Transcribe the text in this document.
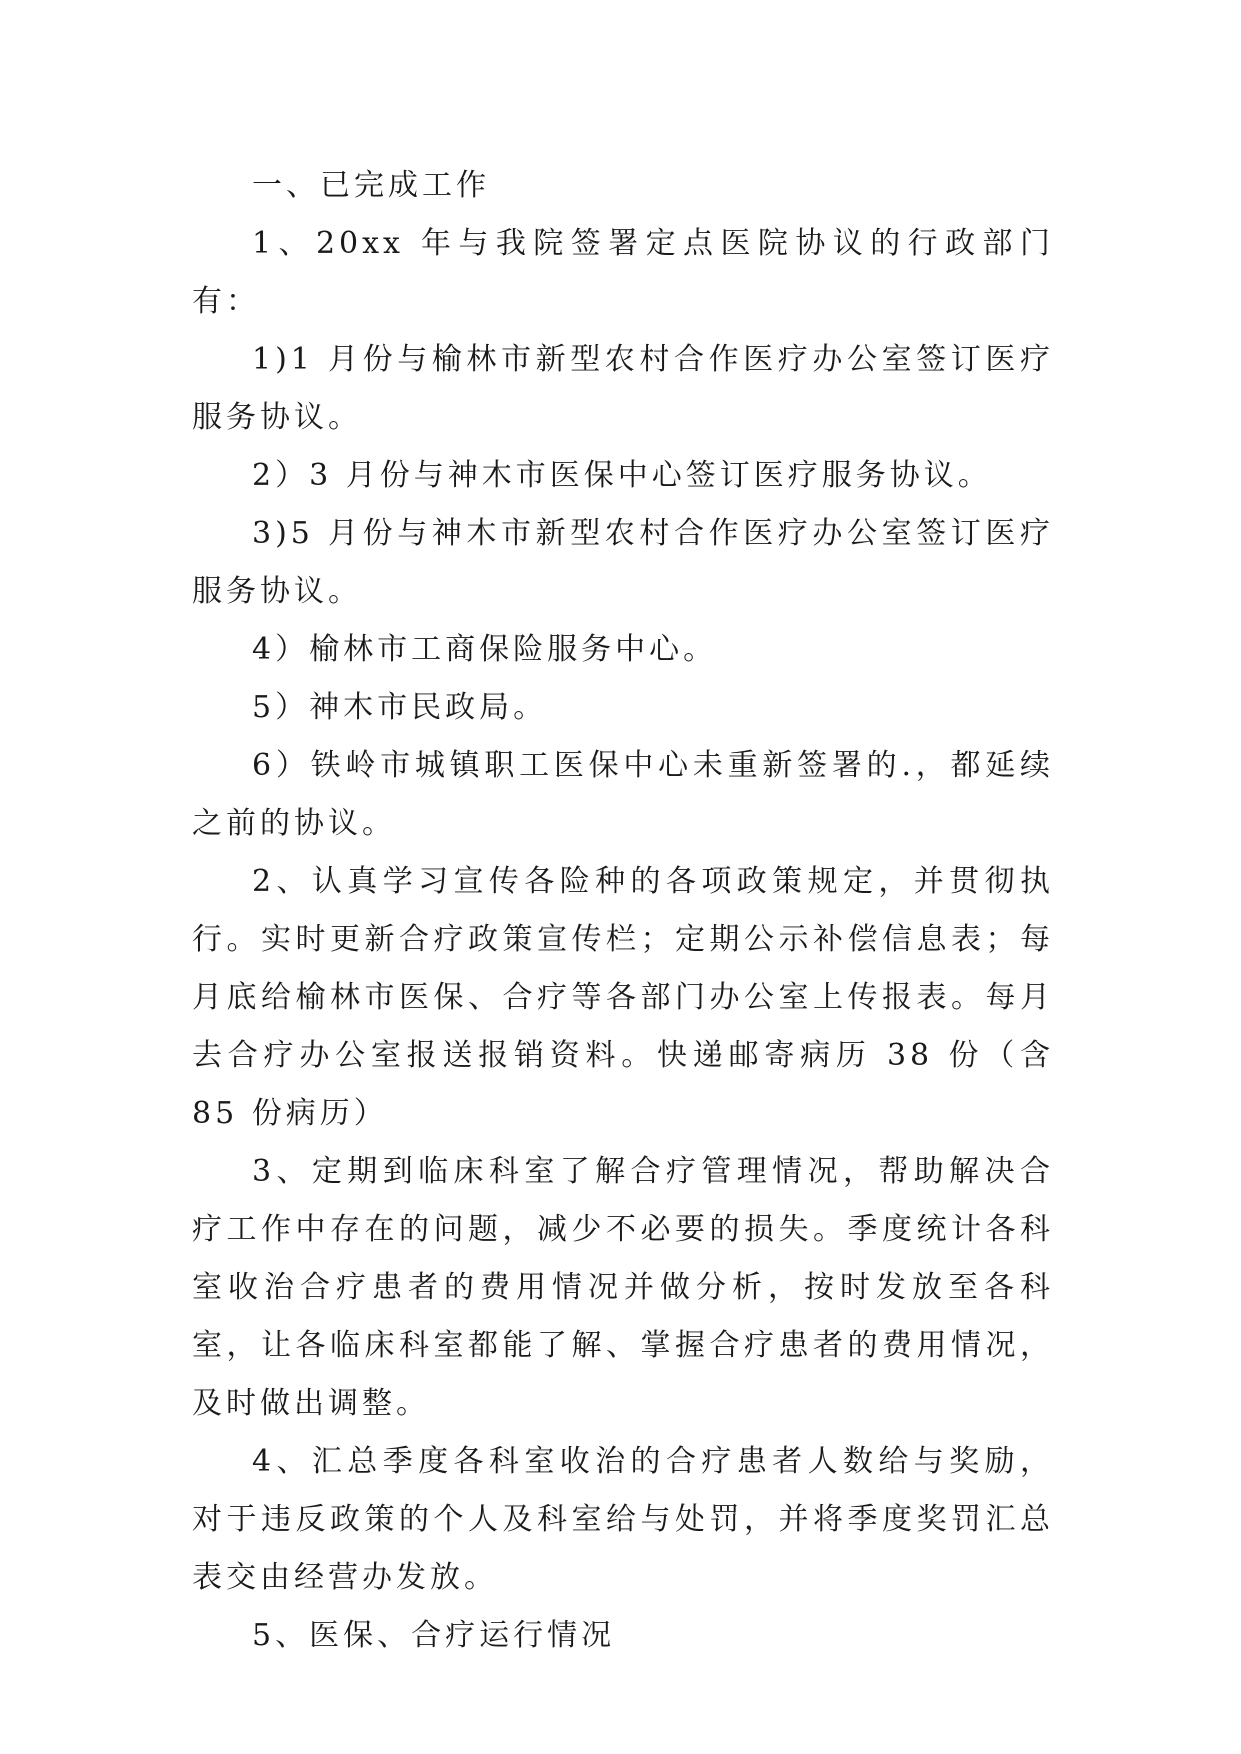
一、已完成工作

1、20xx 年与我院签署定点医院协议的行政部门有：

1)1 月份与榆林市新型农村合作医疗办公室签订医疗服务协议。

2）3 月份与神木市医保中心签订医疗服务协议。

3)5 月份与神木市新型农村合作医疗办公室签订医疗服务协议。

4）榆林市工商保险服务中心。

5）神木市民政局。

6）铁岭市城镇职工医保中心未重新签署的.，都延续之前的协议。

2、认真学习宣传各险种的各项政策规定，并贯彻执行。实时更新合疗政策宣传栏；定期公示补偿信息表；每月底给榆林市医保、合疗等各部门办公室上传报表。每月去合疗办公室报送报销资料。快递邮寄病历 38 份（含 85 份病历）

3、定期到临床科室了解合疗管理情况，帮助解决合疗工作中存在的问题，减少不必要的损失。季度统计各科室收治合疗患者的费用情况并做分析，按时发放至各科室，让各临床科室都能了解、掌握合疗患者的费用情况，及时做出调整。

4、汇总季度各科室收治的合疗患者人数给与奖励，对于违反政策的个人及科室给与处罚，并将季度奖罚汇总表交由经营办发放。

5、医保、合疗运行情况
